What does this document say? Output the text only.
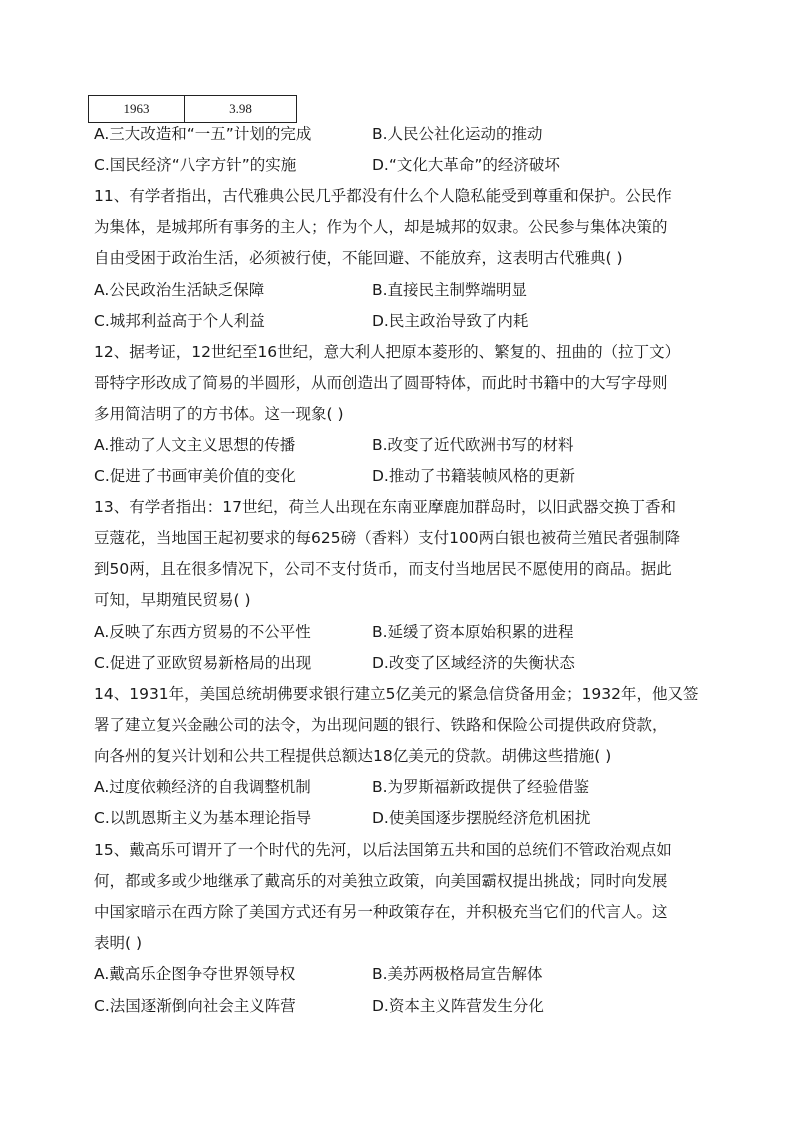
1963	3.98
A.三大改造和“一五”计划的完成	B.人民公社化运动的推动
C.国民经济“八字方针”的实施	D.“文化大革命”的经济破坏
11、有学者指出，古代雅典公民几乎都没有什么个人隐私能受到尊重和保护。公民作
为集体，是城邦所有事务的主人；作为个人，却是城邦的奴隶。公民参与集体决策的
自由受困于政治生活，必须被行使，不能回避、不能放弃，这表明古代雅典( )
A.公民政治生活缺乏保障	B.直接民主制弊端明显
C.城邦利益高于个人利益	D.民主政治导致了内耗
12、据考证，12世纪至16世纪，意大利人把原本菱形的、繁复的、扭曲的（拉丁文）
哥特字形改成了简易的半圆形，从而创造出了圆哥特体，而此时书籍中的大写字母则
多用简洁明了的方书体。这一现象( )
A.推动了人文主义思想的传播	B.改变了近代欧洲书写的材料
C.促进了书画审美价值的变化	D.推动了书籍装帧风格的更新
13、有学者指出：17世纪，荷兰人出现在东南亚摩鹿加群岛时，以旧武器交换丁香和
豆蔻花，当地国王起初要求的每625磅（香料）支付100两白银也被荷兰殖民者强制降
到50两，且在很多情况下，公司不支付货币，而支付当地居民不愿使用的商品。据此
可知，早期殖民贸易( )
A.反映了东西方贸易的不公平性	B.延缓了资本原始积累的进程
C.促进了亚欧贸易新格局的出现	D.改变了区域经济的失衡状态
14、1931年，美国总统胡佛要求银行建立5亿美元的紧急信贷备用金；1932年，他又签
署了建立复兴金融公司的法令，为出现问题的银行、铁路和保险公司提供政府贷款，
向各州的复兴计划和公共工程提供总额达18亿美元的贷款。胡佛这些措施( )
A.过度依赖经济的自我调整机制	B.为罗斯福新政提供了经验借鉴
C.以凯恩斯主义为基本理论指导	D.使美国逐步摆脱经济危机困扰
15、戴高乐可谓开了一个时代的先河，以后法国第五共和国的总统们不管政治观点如
何，都或多或少地继承了戴高乐的对美独立政策，向美国霸权提出挑战；同时向发展
中国家暗示在西方除了美国方式还有另一种政策存在，并积极充当它们的代言人。这
表明( )
A.戴高乐企图争夺世界领导权	B.美苏两极格局宣告解体
C.法国逐渐倒向社会主义阵营	D.资本主义阵营发生分化
